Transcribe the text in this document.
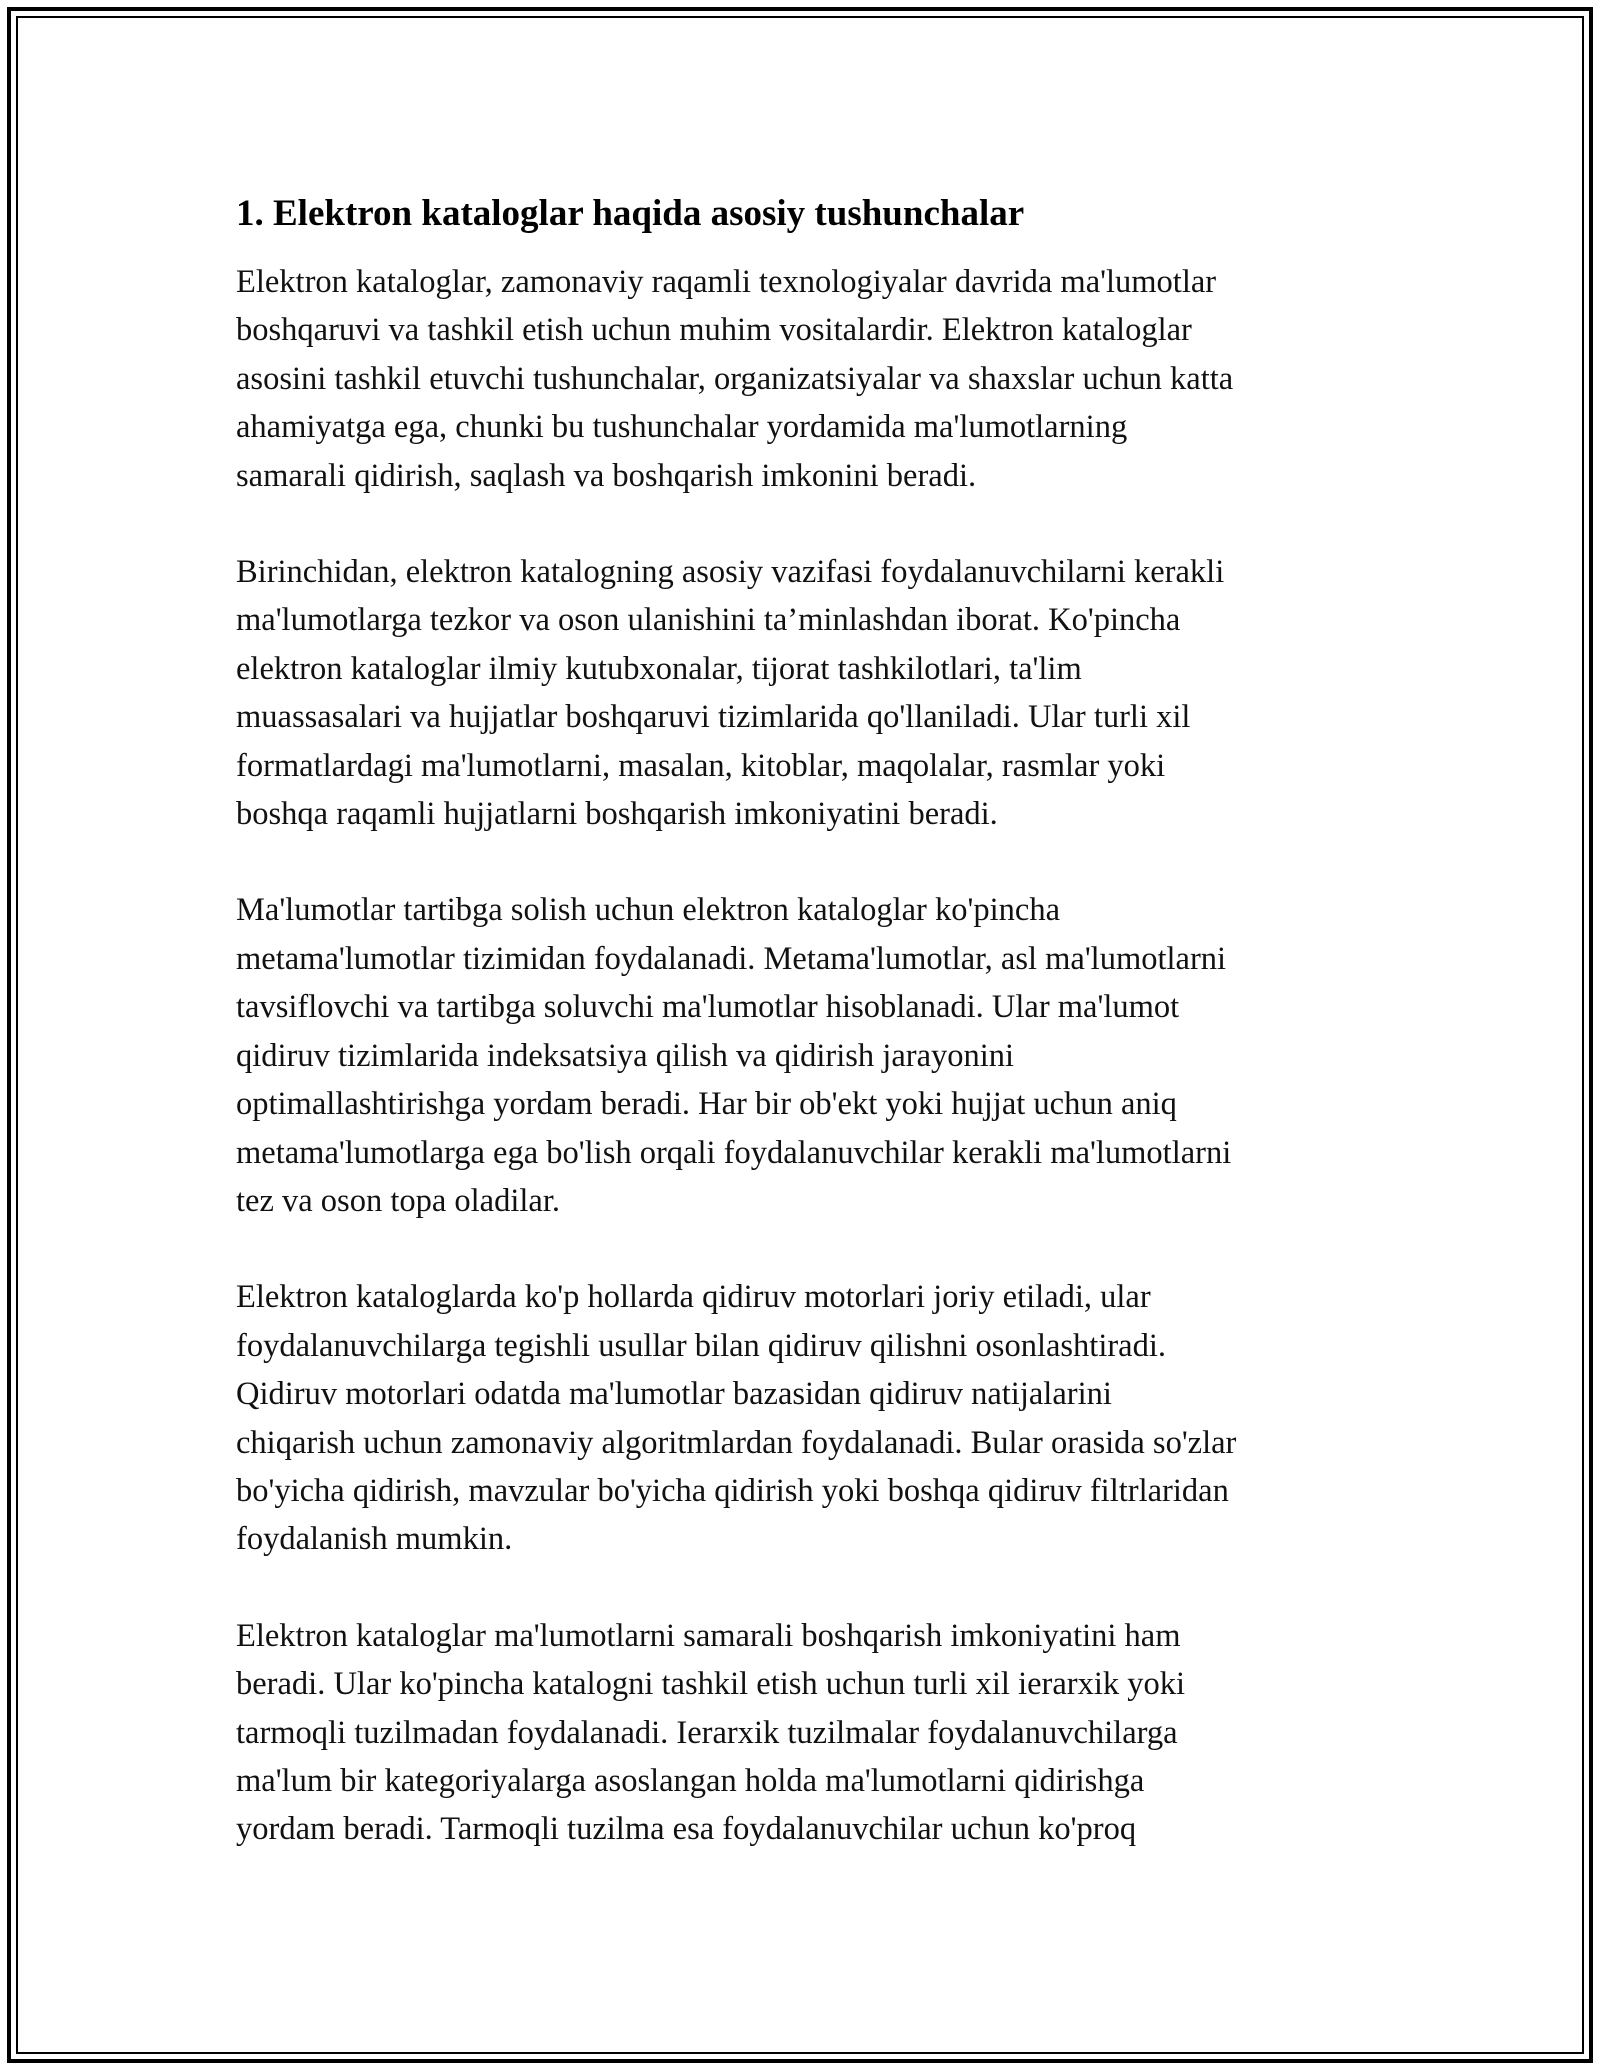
1. Elektron kataloglar haqida asosiy tushunchalar
Elektron kataloglar, zamonaviy raqamli texnologiyalar davrida ma'lumotlar
boshqaruvi va tashkil etish uchun muhim vositalardir. Elektron kataloglar
asosini tashkil etuvchi tushunchalar, organizatsiyalar va shaxslar uchun katta
ahamiyatga ega, chunki bu tushunchalar yordamida ma'lumotlarning
samarali qidirish, saqlash va boshqarish imkonini beradi.
Birinchidan, elektron katalogning asosiy vazifasi foydalanuvchilarni kerakli
ma'lumotlarga tezkor va oson ulanishini ta’minlashdan iborat. Ko'pincha
elektron kataloglar ilmiy kutubxonalar, tijorat tashkilotlari, ta'lim
muassasalari va hujjatlar boshqaruvi tizimlarida qo'llaniladi. Ular turli xil
formatlardagi ma'lumotlarni, masalan, kitoblar, maqolalar, rasmlar yoki
boshqa raqamli hujjatlarni boshqarish imkoniyatini beradi.
Ma'lumotlar tartibga solish uchun elektron kataloglar ko'pincha
metama'lumotlar tizimidan foydalanadi. Metama'lumotlar, asl ma'lumotlarni
tavsiflovchi va tartibga soluvchi ma'lumotlar hisoblanadi. Ular ma'lumot
qidiruv tizimlarida indeksatsiya qilish va qidirish jarayonini
optimallashtirishga yordam beradi. Har bir ob'ekt yoki hujjat uchun aniq
metama'lumotlarga ega bo'lish orqali foydalanuvchilar kerakli ma'lumotlarni
tez va oson topa oladilar.
Elektron kataloglarda ko'p hollarda qidiruv motorlari joriy etiladi, ular
foydalanuvchilarga tegishli usullar bilan qidiruv qilishni osonlashtiradi.
Qidiruv motorlari odatda ma'lumotlar bazasidan qidiruv natijalarini
chiqarish uchun zamonaviy algoritmlardan foydalanadi. Bular orasida so'zlar
bo'yicha qidirish, mavzular bo'yicha qidirish yoki boshqa qidiruv filtrlaridan
foydalanish mumkin.
Elektron kataloglar ma'lumotlarni samarali boshqarish imkoniyatini ham
beradi. Ular ko'pincha katalogni tashkil etish uchun turli xil ierarxik yoki
tarmoqli tuzilmadan foydalanadi. Ierarxik tuzilmalar foydalanuvchilarga
ma'lum bir kategoriyalarga asoslangan holda ma'lumotlarni qidirishga
yordam beradi. Tarmoqli tuzilma esa foydalanuvchilar uchun ko'proq
